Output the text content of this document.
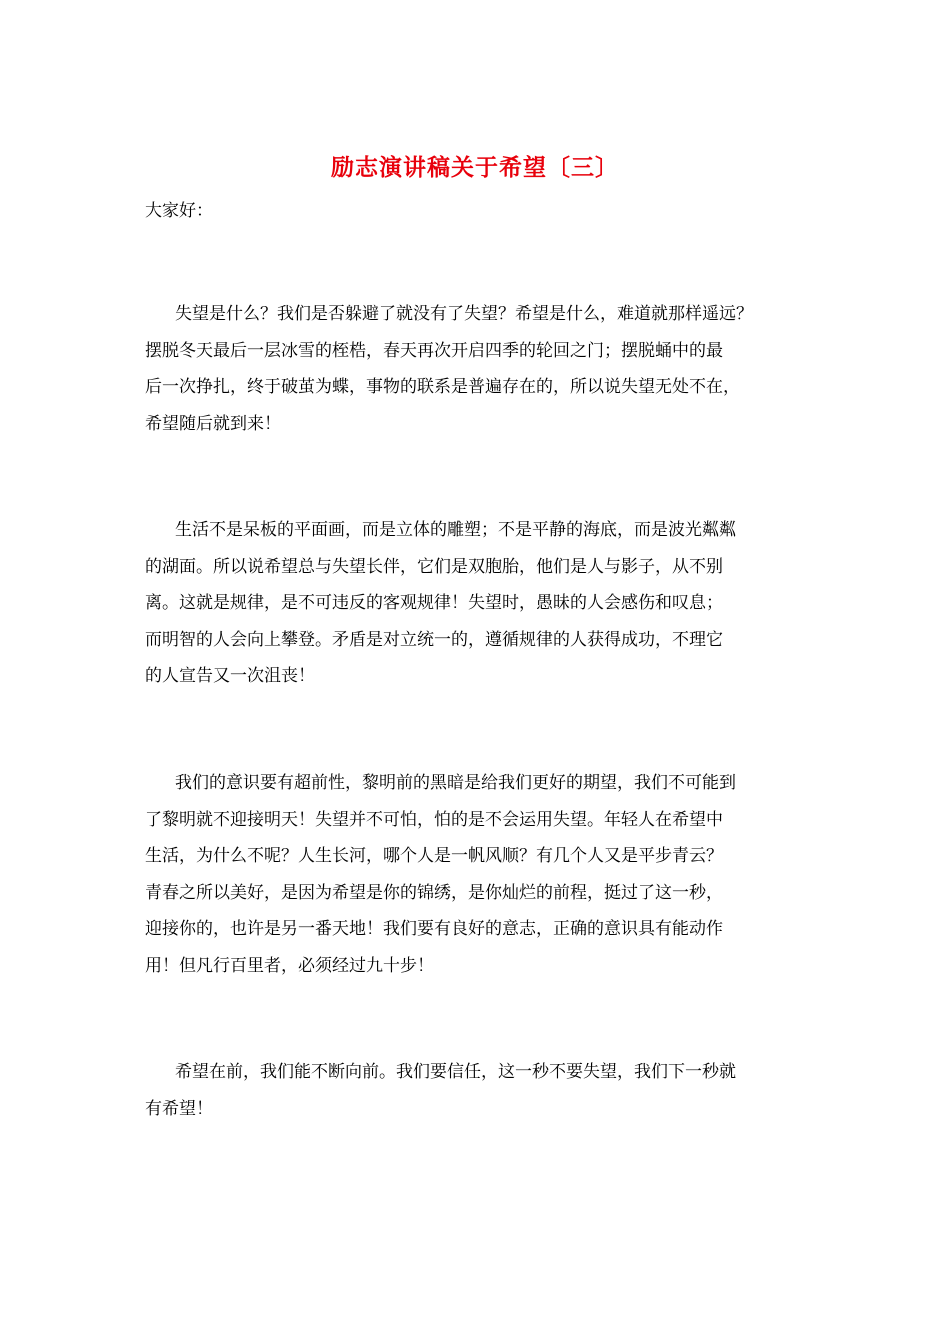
励志演讲稿关于希望〔三〕
大家好：
失望是什么？我们是否躲避了就没有了失望？希望是什么，难道就那样遥远？
摆脱冬天最后一层冰雪的桎梏，春天再次开启四季的轮回之门；摆脱蛹中的最
后一次挣扎，终于破茧为蝶，事物的联系是普遍存在的，所以说失望无处不在，
希望随后就到来！
生活不是呆板的平面画，而是立体的雕塑；不是平静的海底，而是波光粼粼
的湖面。所以说希望总与失望长伴，它们是双胞胎，他们是人与影子，从不别
离。这就是规律，是不可违反的客观规律！失望时，愚昧的人会感伤和叹息；
而明智的人会向上攀登。矛盾是对立统一的，遵循规律的人获得成功，不理它
的人宣告又一次沮丧！
我们的意识要有超前性，黎明前的黑暗是给我们更好的期望，我们不可能到
了黎明就不迎接明天！失望并不可怕，怕的是不会运用失望。年轻人在希望中
生活，为什么不呢？人生长河，哪个人是一帆风顺？有几个人又是平步青云？
青春之所以美好，是因为希望是你的锦绣，是你灿烂的前程，挺过了这一秒，
迎接你的，也许是另一番天地！我们要有良好的意志，正确的意识具有能动作
用！但凡行百里者，必须经过九十步！
希望在前，我们能不断向前。我们要信任，这一秒不要失望，我们下一秒就
有希望！
